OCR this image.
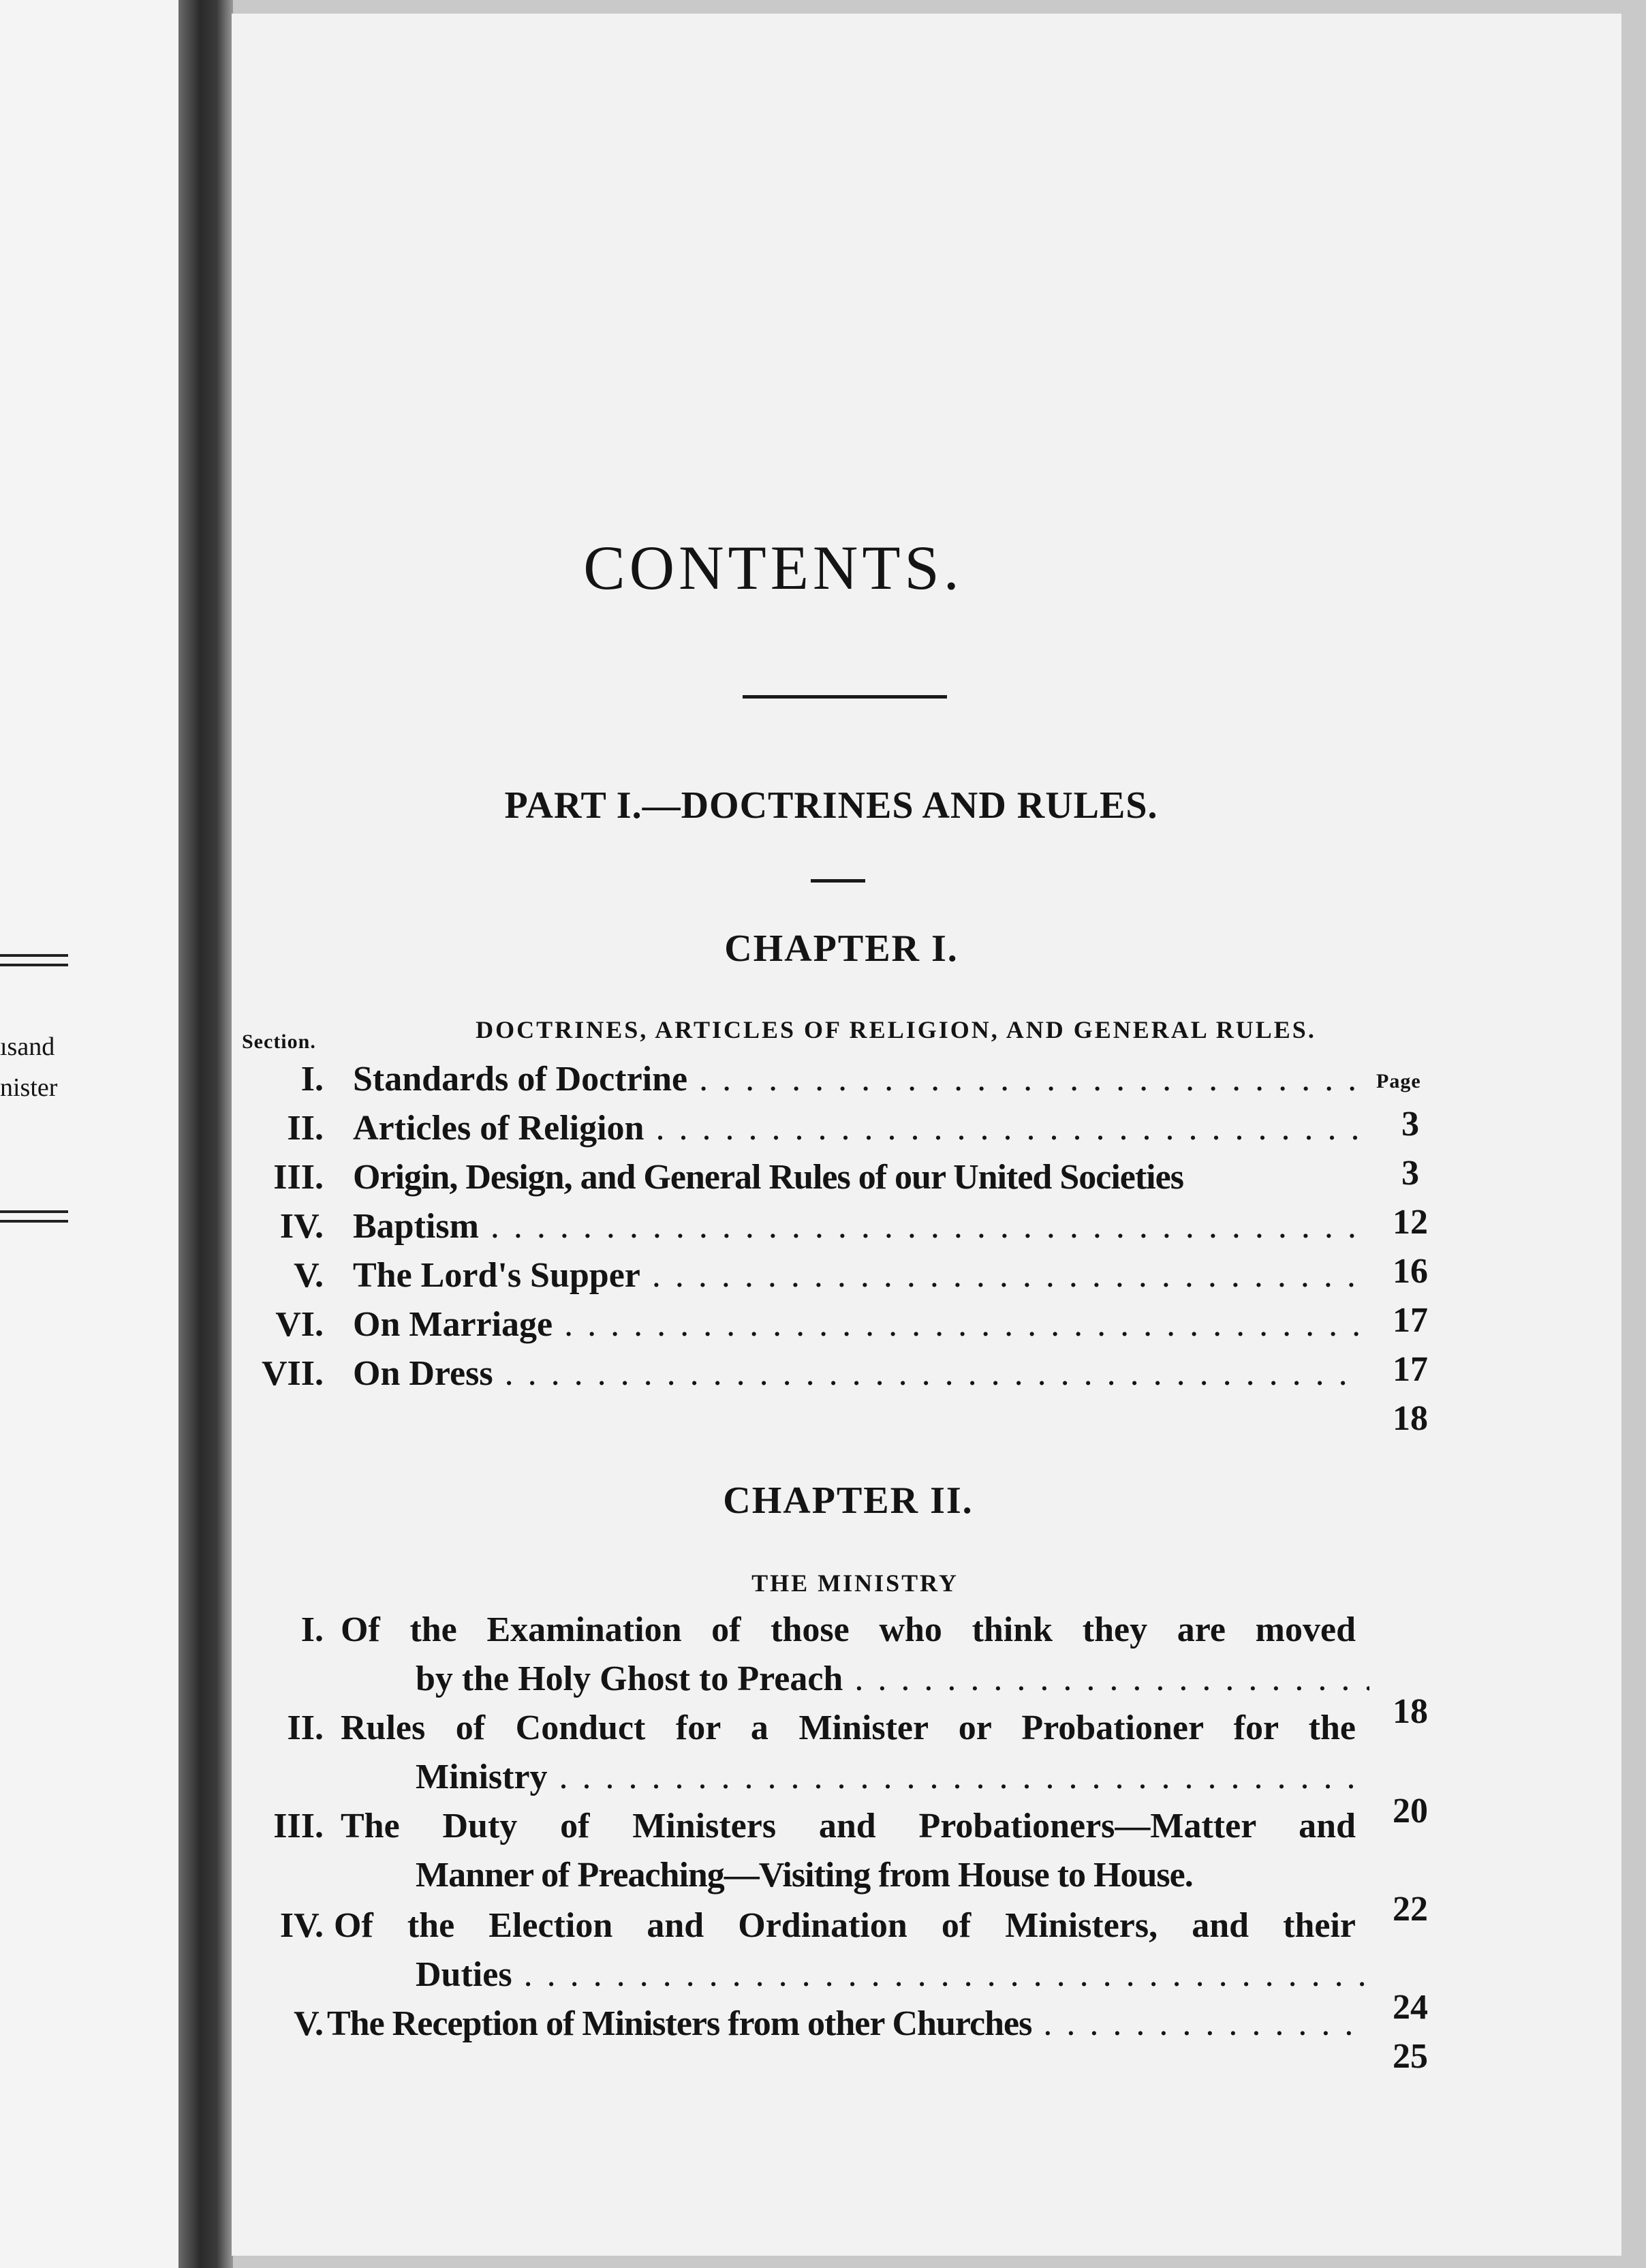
ısand
nister
CONTENTS.
PART I.—DOCTRINES AND RULES.
CHAPTER I.
DOCTRINES, ARTICLES OF RELIGION, AND GENERAL RULES.
Section.
Page
I. Standards of Doctrine . . .
II. Articles of Religion . . .
III. Origin, Design, and General Rules of our United Societies
IV. Baptism . . .
V. The Lord's Supper . . .
VI. On Marriage . . .
VII. On Dress . . .
3
3
12
16
17
17
18
CHAPTER II.
THE MINISTRY
I. Of the Examination of those who think they are moved
by the Holy Ghost to Preach . . .
18
II. Rules of Conduct for a Minister or Probationer for the
Ministry . . .
20
III. The Duty of Ministers and Probationers—Matter and
Manner of Preaching—Visiting from House to House.
22
IV. Of the Election and Ordination of Ministers, and their
Duties . . .
24
V. The Reception of Ministers from other Churches . . .
25
